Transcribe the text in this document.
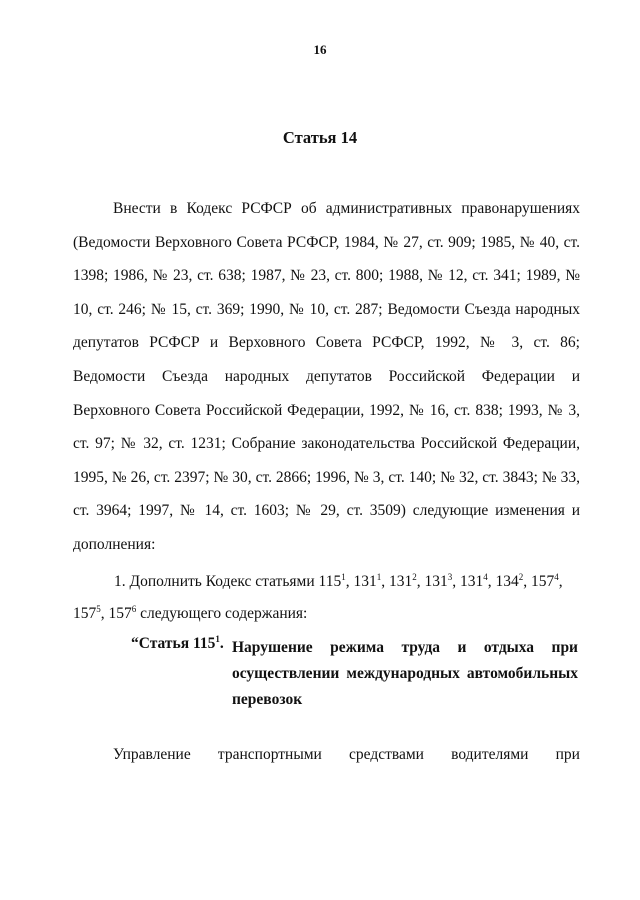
16
Статья 14
Внести в Кодекс РСФСР об административных правонарушениях (Ведомости Верховного Совета РСФСР, 1984, № 27, ст. 909; 1985, № 40, ст. 1398; 1986, № 23, ст. 638; 1987, № 23, ст. 800; 1988, № 12, ст. 341; 1989, № 10, ст. 246; № 15, ст. 369; 1990, № 10, ст. 287; Ведомости Съезда народных депутатов РСФСР и Верховного Совета РСФСР, 1992, № 3, ст. 86; Ведомости Съезда народных депутатов Российской Федерации и Верховного Совета Российской Федерации, 1992, № 16, ст. 838; 1993, № 3, ст. 97; № 32, ст. 1231; Собрание законодательства Российской Федерации, 1995, № 26, ст. 2397; № 30, ст. 2866; 1996, № 3, ст. 140; № 32, ст. 3843; № 33, ст. 3964; 1997, № 14, ст. 1603; № 29, ст. 3509) следующие изменения и дополнения:
1. Дополнить Кодекс статьями $115^1$, $131^1$, $131^2$, $131^3$, $131^4$, $134^2$, $157^4$, $157^5$, $157^6$ следующего содержания:
“Статья $115^1$. Нарушение режима труда и отдыха при осуществлении международных автомобильных перевозок
Управление транспортными средствами водителями при
